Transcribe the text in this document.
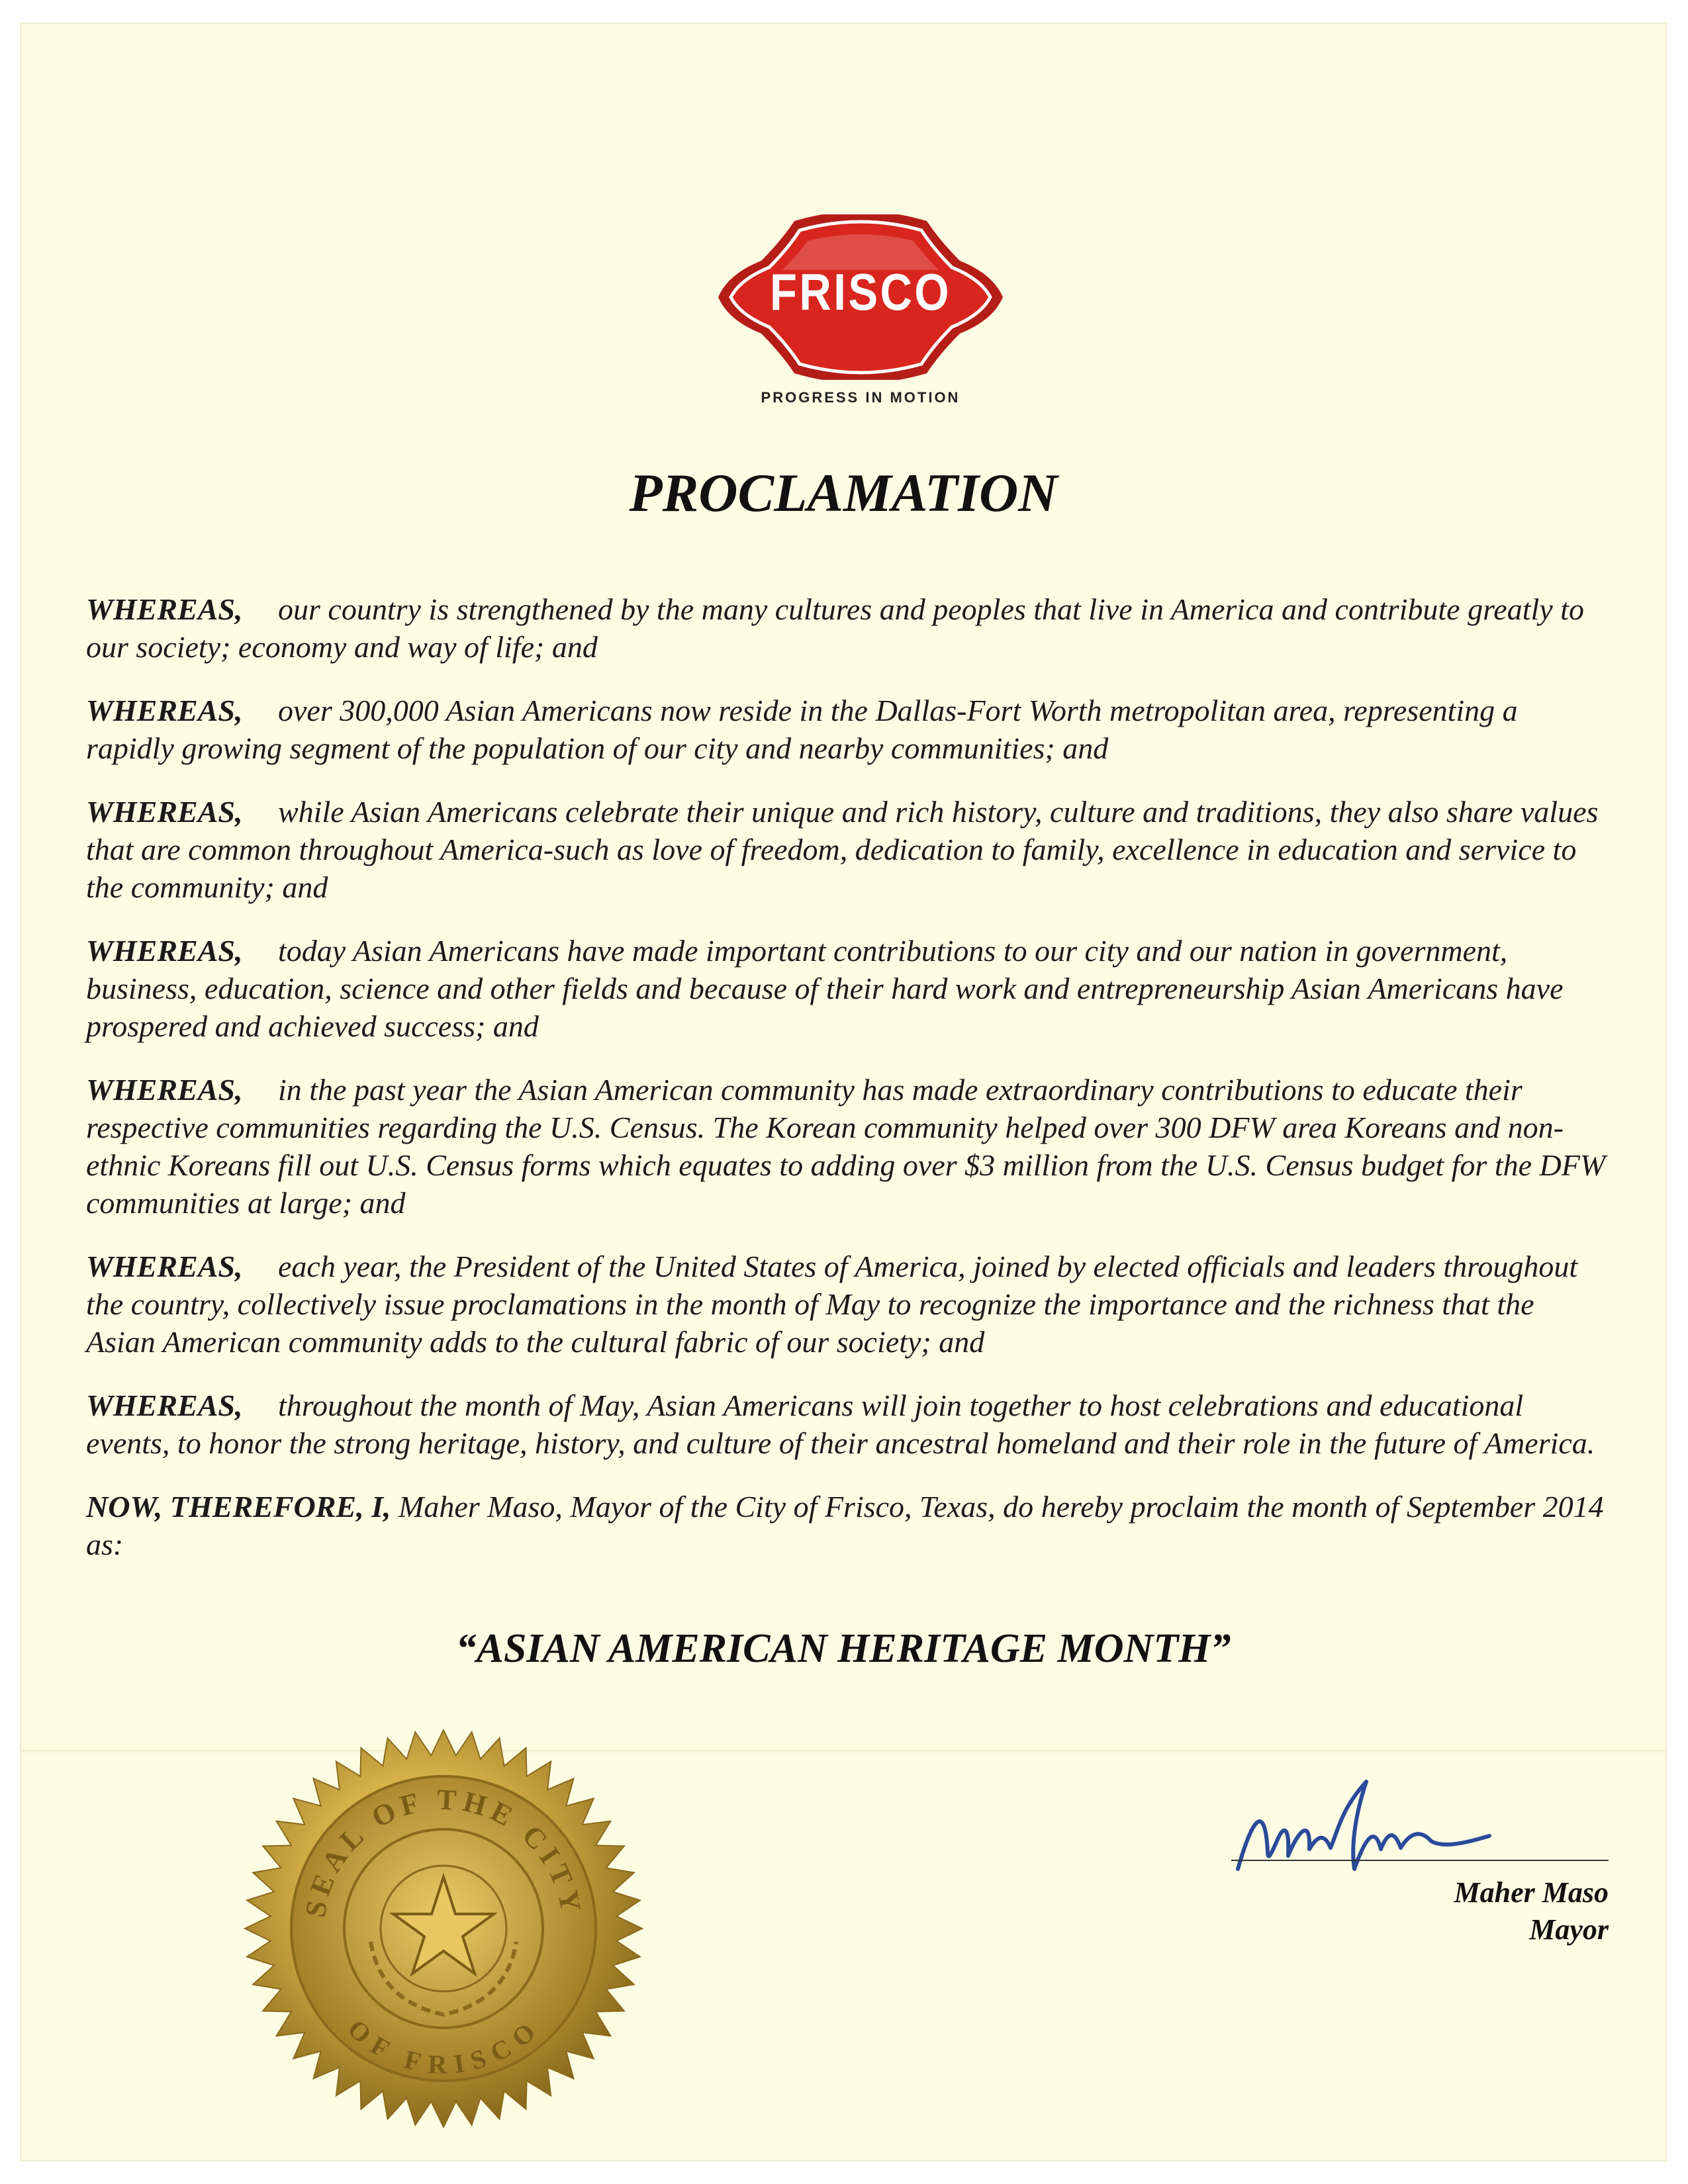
FRISCO
PROGRESS IN MOTION
PROCLAMATION

WHEREAS, our country is strengthened by the many cultures and peoples that live in America and contribute greatly to our society; economy and way of life; and

WHEREAS, over 300,000 Asian Americans now reside in the Dallas-Fort Worth metropolitan area, representing a rapidly growing segment of the population of our city and nearby communities; and

WHEREAS, while Asian Americans celebrate their unique and rich history, culture and traditions, they also share values that are common throughout America-such as love of freedom, dedication to family, excellence in education and service to the community; and

WHEREAS, today Asian Americans have made important contributions to our city and our nation in government, business, education, science and other fields and because of their hard work and entrepreneurship Asian Americans have prospered and achieved success; and

WHEREAS, in the past year the Asian American community has made extraordinary contributions to educate their respective communities regarding the U.S. Census. The Korean community helped over 300 DFW area Koreans and non-ethnic Koreans fill out U.S. Census forms which equates to adding over $3 million from the U.S. Census budget for the DFW communities at large; and

WHEREAS, each year, the President of the United States of America, joined by elected officials and leaders throughout the country, collectively issue proclamations in the month of May to recognize the importance and the richness that the Asian American community adds to the cultural fabric of our society; and

WHEREAS, throughout the month of May, Asian Americans will join together to host celebrations and educational events, to honor the strong heritage, history, and culture of their ancestral homeland and their role in the future of America.

NOW, THEREFORE, I, Maher Maso, Mayor of the City of Frisco, Texas, do hereby proclaim the month of September 2014 as:

“ASIAN AMERICAN HERITAGE MONTH”
SEAL OF THE CITY
OF FRISCO
Maher Maso
Mayor
